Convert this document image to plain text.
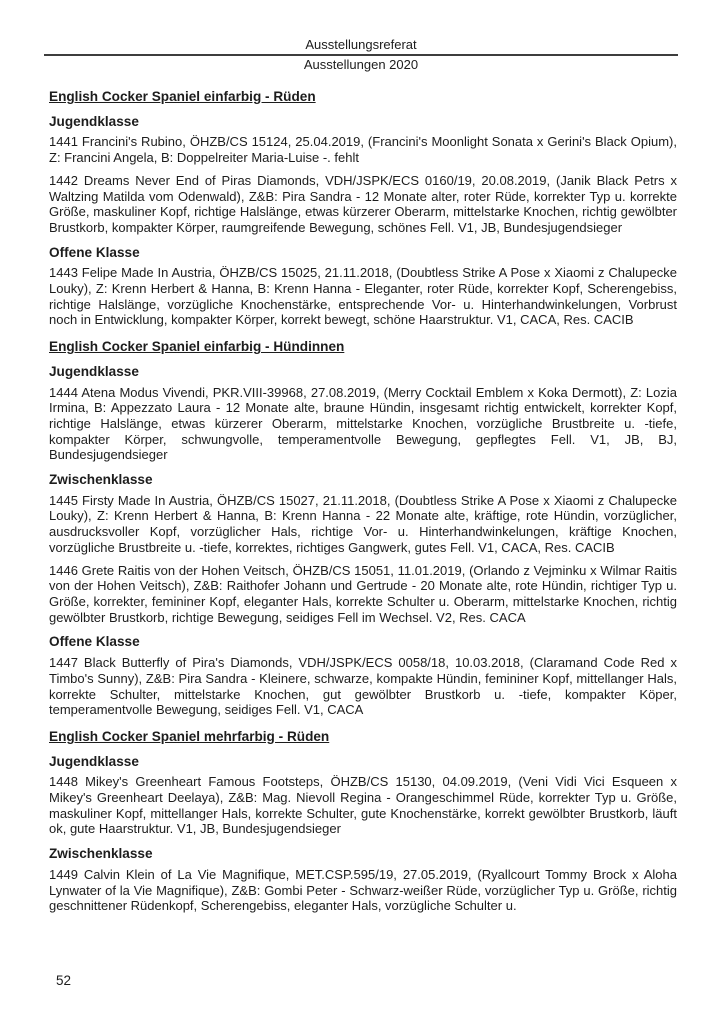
Ausstellungsreferat
Ausstellungen 2020
English Cocker Spaniel einfarbig - Rüden
Jugendklasse

1441 Francini's Rubino, ÖHZB/CS 15124, 25.04.2019, (Francini's Moonlight Sonata x Gerini's Black Opium), Z: Francini Angela, B: Doppelreiter Maria-Luise -. fehlt

1442 Dreams Never End of Piras Diamonds, VDH/JSPK/ECS 0160/19, 20.08.2019, (Janik Black Petrs x Waltzing Matilda vom Odenwald), Z&B: Pira Sandra - 12 Monate alter, roter Rüde, korrekter Typ u. korrekte Größe, maskuliner Kopf, richtige Halslänge, etwas kürzerer Oberarm, mittelstarke Knochen, richtig gewölbter Brustkorb, kompakter Körper, raumgreifende Bewegung, schönes Fell. V1, JB, Bundesjugendsieger

Offene Klasse

1443 Felipe Made In Austria, ÖHZB/CS 15025, 21.11.2018, (Doubtless Strike A Pose x Xiaomi z Chalupecke Louky), Z: Krenn Herbert & Hanna, B: Krenn Hanna - Eleganter, roter Rüde, korrekter Kopf, Scherengebiss, richtige Halslänge, vorzügliche Knochenstärke, entsprechende Vor- u. Hinterhandwinkelungen, Vorbrust noch in Entwicklung, kompakter Körper, korrekt bewegt, schöne Haarstruktur. V1, CACA, Res. CACIB

English Cocker Spaniel einfarbig - Hündinnen
Jugendklasse

1444 Atena Modus Vivendi, PKR.VIII-39968, 27.08.2019, (Merry Cocktail Emblem x Koka Dermott), Z: Lozia Irmina, B: Appezzato Laura - 12 Monate alte, braune Hündin, insgesamt richtig entwickelt, korrekter Kopf, richtige Halslänge, etwas kürzerer Oberarm, mittelstarke Knochen, vorzügliche Brustbreite u. -tiefe, kompakter Körper, schwungvolle, temperamentvolle Bewegung, gepflegtes Fell. V1, JB, BJ, Bundesjugendsieger

Zwischenklasse

1445 Firsty Made In Austria, ÖHZB/CS 15027, 21.11.2018, (Doubtless Strike A Pose x Xiaomi z Chalupecke Louky), Z: Krenn Herbert & Hanna, B: Krenn Hanna - 22 Monate alte, kräftige, rote Hündin, vorzüglicher, ausdrucksvoller Kopf, vorzüglicher Hals, richtige Vor- u. Hinterhandwinkelungen, kräftige Knochen, vorzügliche Brustbreite u. -tiefe, korrektes, richtiges Gangwerk, gutes Fell. V1, CACA, Res. CACIB

1446 Grete Raitis von der Hohen Veitsch, ÖHZB/CS 15051, 11.01.2019, (Orlando z Vejminku x Wilmar Raitis von der Hohen Veitsch), Z&B: Raithofer Johann und Gertrude - 20 Monate alte, rote Hündin, richtiger Typ u. Größe, korrekter, femininer Kopf, eleganter Hals, korrekte Schulter u. Oberarm, mittelstarke Knochen, richtig gewölbter Brustkorb, richtige Bewegung, seidiges Fell im Wechsel. V2, Res. CACA

Offene Klasse

1447 Black Butterfly of Pira's Diamonds, VDH/JSPK/ECS 0058/18, 10.03.2018, (Claramand Code Red x Timbo's Sunny), Z&B: Pira Sandra - Kleinere, schwarze, kompakte Hündin, femininer Kopf, mittellanger Hals, korrekte Schulter, mittelstarke Knochen, gut gewölbter Brustkorb u. -tiefe, kompakter Köper, temperamentvolle Bewegung, seidiges Fell. V1, CACA

English Cocker Spaniel mehrfarbig - Rüden
Jugendklasse

1448 Mikey's Greenheart Famous Footsteps, ÖHZB/CS 15130, 04.09.2019, (Veni Vidi Vici Esqueen x Mikey's Greenheart Deelaya), Z&B: Mag. Nievoll Regina - Orangeschimmel Rüde, korrekter Typ u. Größe, maskuliner Kopf, mittellanger Hals, korrekte Schulter, gute Knochenstärke, korrekt gewölbter Brustkorb, läuft ok, gute Haarstruktur. V1, JB, Bundesjugendsieger

Zwischenklasse

1449 Calvin Klein of La Vie Magnifique, MET.CSP.595/19, 27.05.2019, (Ryallcourt Tommy Brock x Aloha Lynwater of la Vie Magnifique), Z&B: Gombi Peter - Schwarz-weißer Rüde, vorzüglicher Typ u. Größe, richtig geschnittener Rüdenkopf, Scherengebiss, eleganter Hals, vorzügliche Schulter u.

52
